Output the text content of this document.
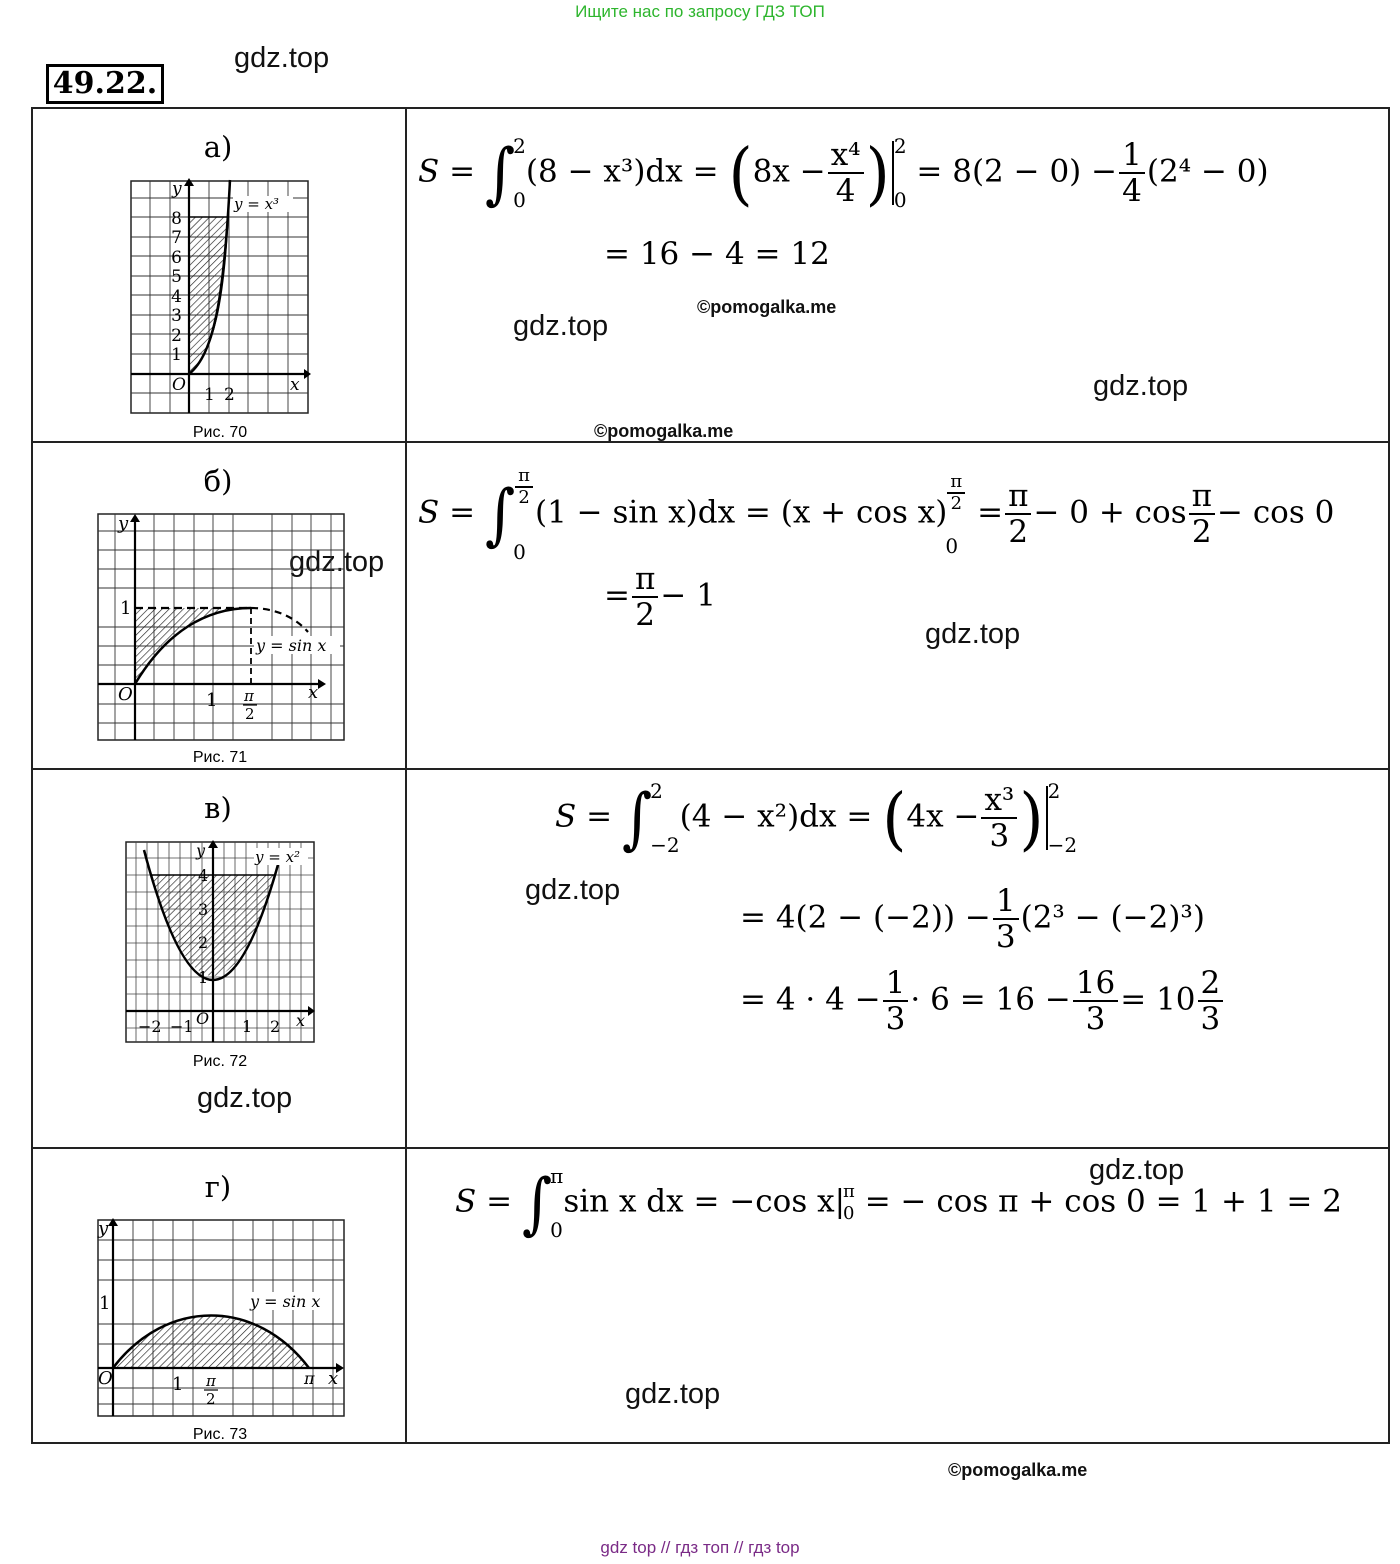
Ищите нас по запросу ГДЗ ТОП
49.22.
gdz.top
gdz.top
gdz.top
gdz.top
gdz.top
gdz.top
gdz.top
gdz.top
gdz.top
©pomogalka.me
©pomogalka.me
©pomogalka.me
а)
y = x³
1
2
3
4
5
6
7
8
1 2
O	x
y
Рис. 70
S = ∫
2
0
$(8 - x^3)dx = (8x - \frac{\text{x⁴}}{4}$ ) 2
0
= $8(2 - 0) - \frac{1}{4} (2^4 - 0)$
= 16 − 4 = 12
б)
y = sin x
1
1 π
2
O	x
y
Рис. 71
S = ∫ $\frac{\pi}{2}$
0
$(1 - \sin x)dx = (x + \cos x) \frac{\pi}{2}$
0
= $\frac{\pi}{2} - 0 + \cos \frac{\pi}{2} - \cos 0$
= $\frac{\pi}{2} - 1$
в)
y = x²
1
2
3
4
−2 −1	1 2
O	x
y
Рис. 72
S = ∫
2
−2
$(4 - x^2)dx = (4x - \frac{\text{x³}}{3}$ ) 2
−2
= $4(2 - (-2)) - \frac{1}{3} (2^3 - (-2)^3)$
= $4 \cdot 4 - \frac{1}{3} \cdot 6 = 16 - \frac{16}{3} = 10 \frac{2}{3}$
г)
y = sin x
1
1 π
2
π
O	x
y
Рис. 73
S = ∫
π
0
sin x dx = −cos x|
π
0 = − cos π + cos 0 = 1 + 1 = 2
gdz top // гдз топ // гдз top
